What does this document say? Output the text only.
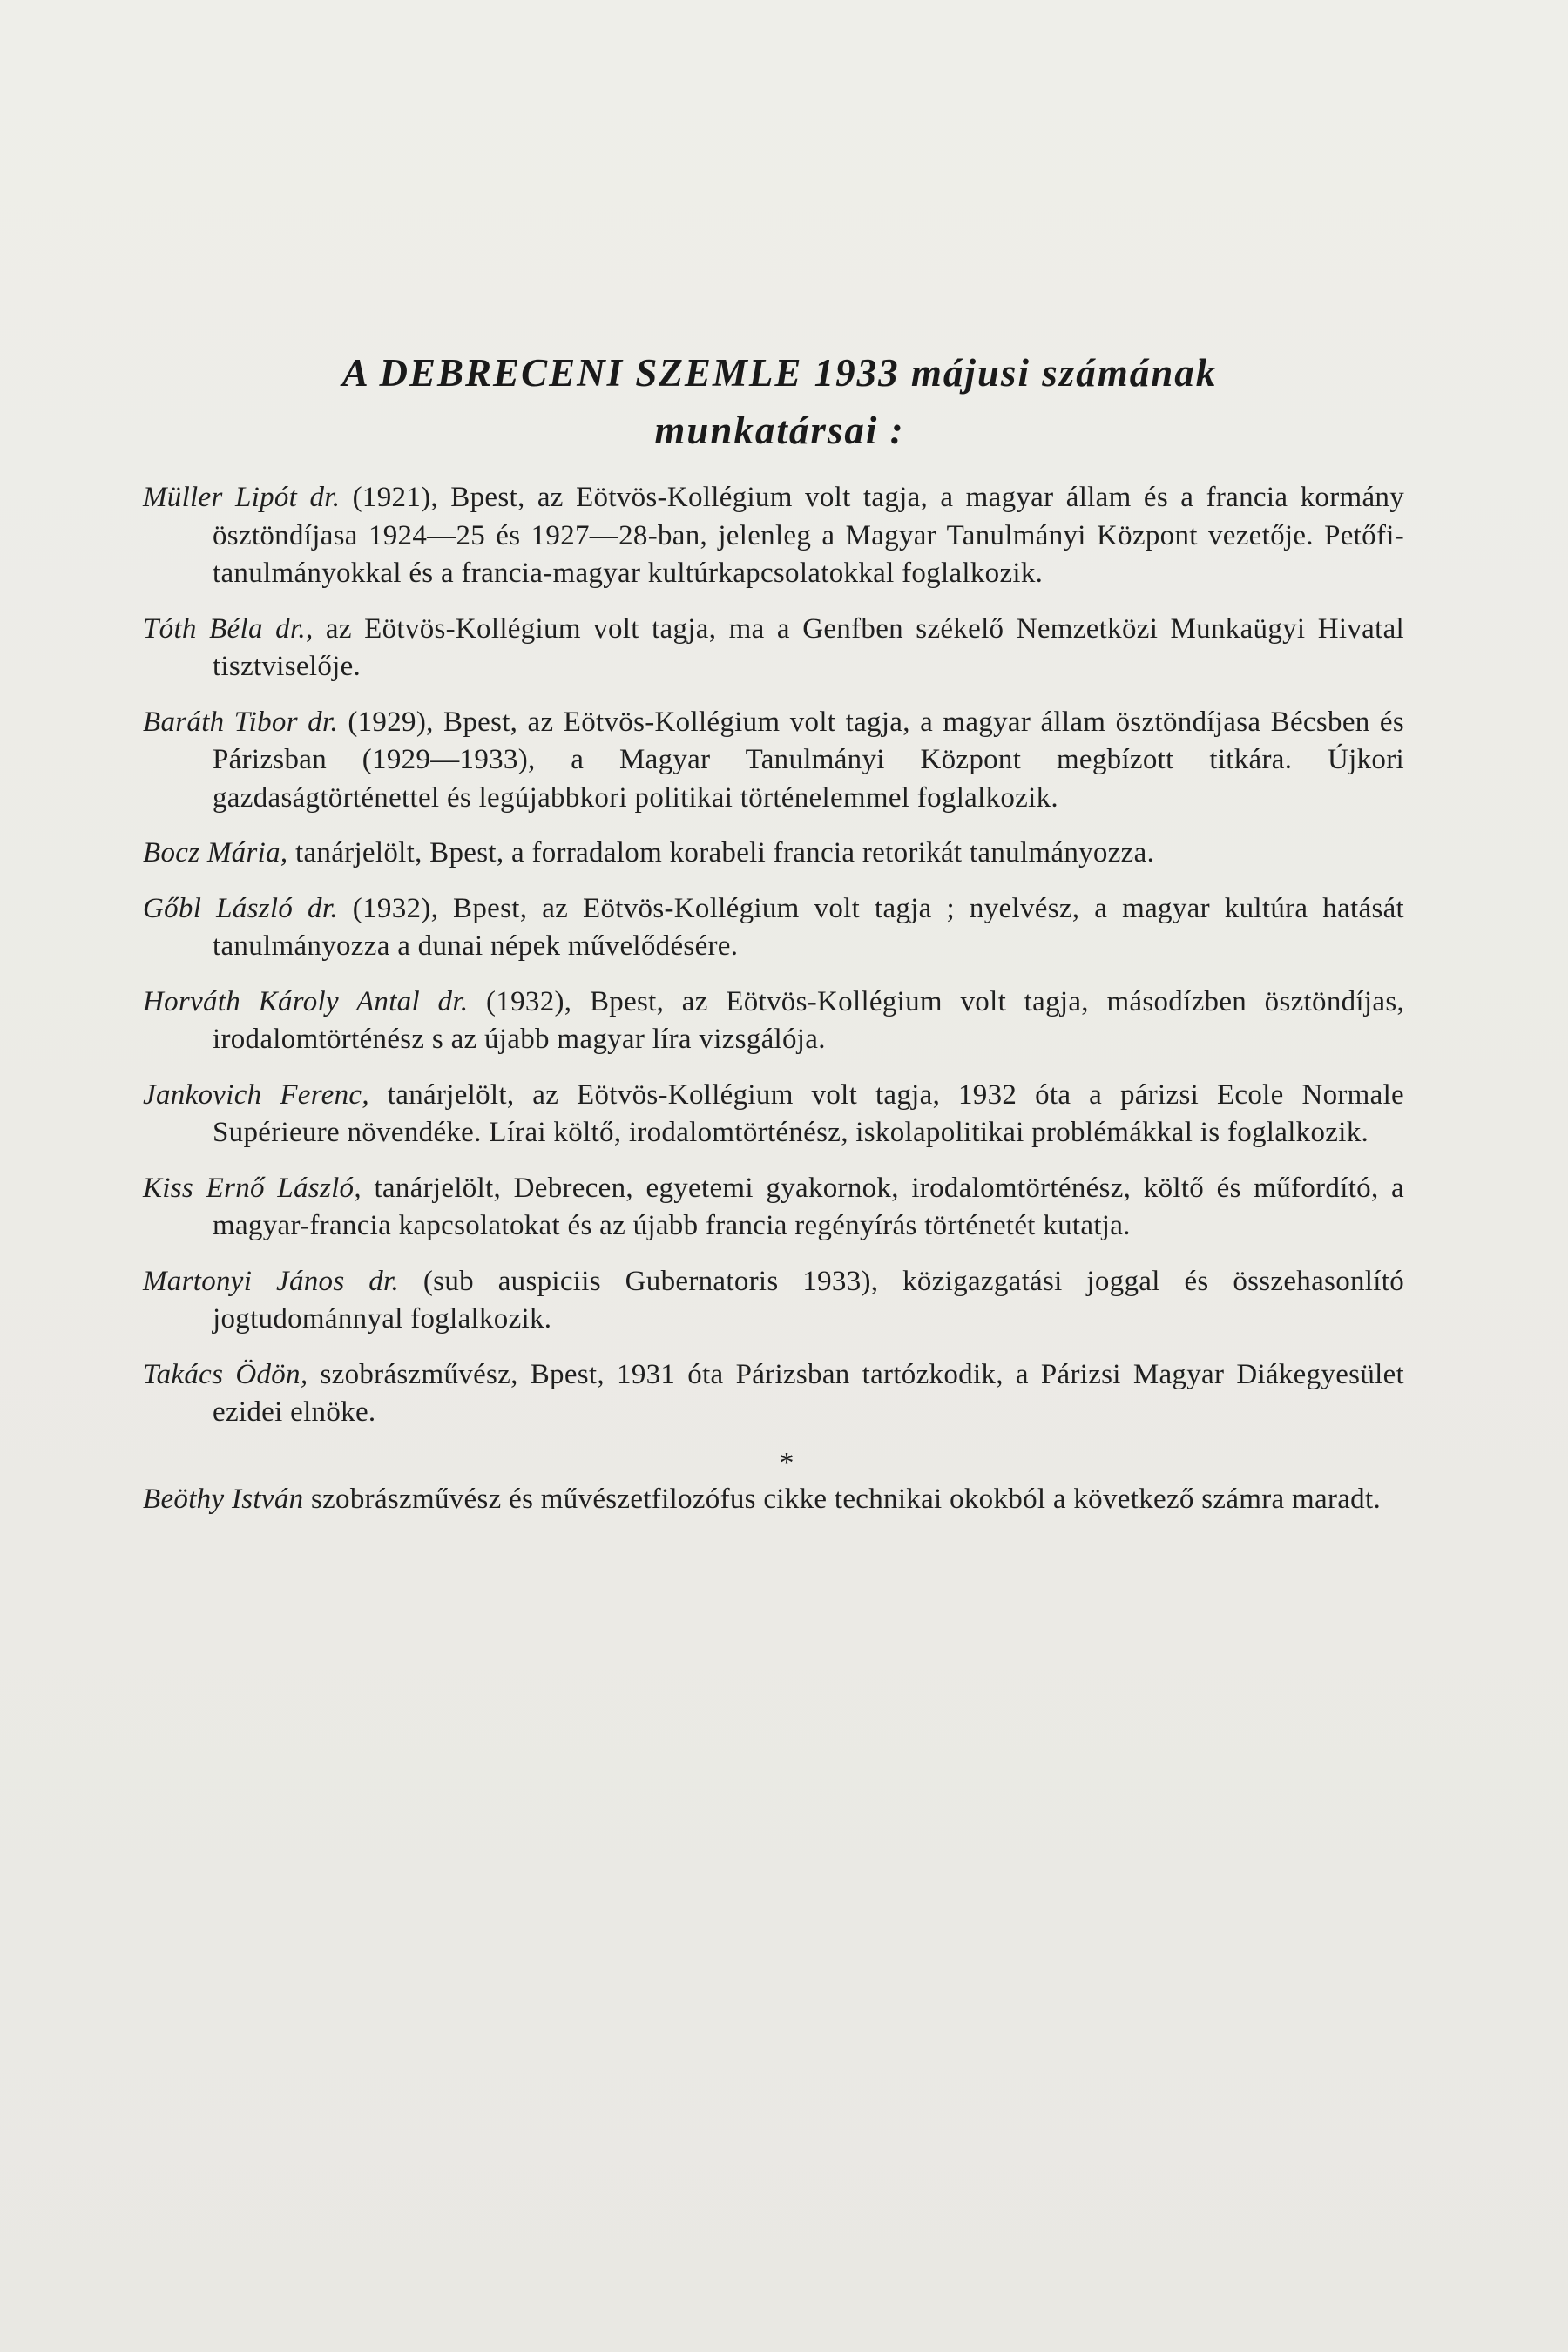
A DEBRECENI SZEMLE 1933 májusi számának
munkatársai :

Müller Lipót dr. (1921), Bpest, az Eötvös-Kollégium volt tagja, a magyar állam és a francia kormány ösztöndíjasa 1924—25 és 1927—28-ban, jelenleg a Magyar Tanulmányi Központ vezetője. Petőfi-tanulmányokkal és a francia-magyar kultúrkapcsolatokkal foglalkozik.

Tóth Béla dr., az Eötvös-Kollégium volt tagja, ma a Genfben székelő Nemzetközi Munkaügyi Hivatal tisztviselője.

Baráth Tibor dr. (1929), Bpest, az Eötvös-Kollégium volt tagja, a magyar állam ösztöndíjasa Bécsben és Párizsban (1929—1933), a Magyar Tanulmányi Központ megbízott titkára. Újkori gazdaságtörténettel és legújabbkori politikai történelemmel foglalkozik.

Bocz Mária, tanárjelölt, Bpest, a forradalom korabeli francia retorikát tanulmányozza.

Gőbl László dr. (1932), Bpest, az Eötvös-Kollégium volt tagja ; nyelvész, a magyar kultúra hatását tanulmányozza a dunai népek művelődésére.

Horváth Károly Antal dr. (1932), Bpest, az Eötvös-Kollégium volt tagja, másodízben ösztöndíjas, irodalomtörténész s az újabb magyar líra vizsgálója.

Jankovich Ferenc, tanárjelölt, az Eötvös-Kollégium volt tagja, 1932 óta a párizsi Ecole Normale Supérieure növendéke. Lírai költő, irodalomtörténész, iskolapolitikai problémákkal is foglalkozik.

Kiss Ernő László, tanárjelölt, Debrecen, egyetemi gyakornok, irodalomtörténész, költő és műfordító, a magyar-francia kapcsolatokat és az újabb francia regényírás történetét kutatja.

Martonyi János dr. (sub auspiciis Gubernatoris 1933), közigazgatási joggal és összehasonlító jogtudománnyal foglalkozik.

Takács Ödön, szobrászművész, Bpest, 1931 óta Párizsban tartózkodik, a Párizsi Magyar Diákegyesület ezidei elnöke.

*

Beöthy István szobrászművész és művészetfilozófus cikke technikai okokból a következő számra maradt.
